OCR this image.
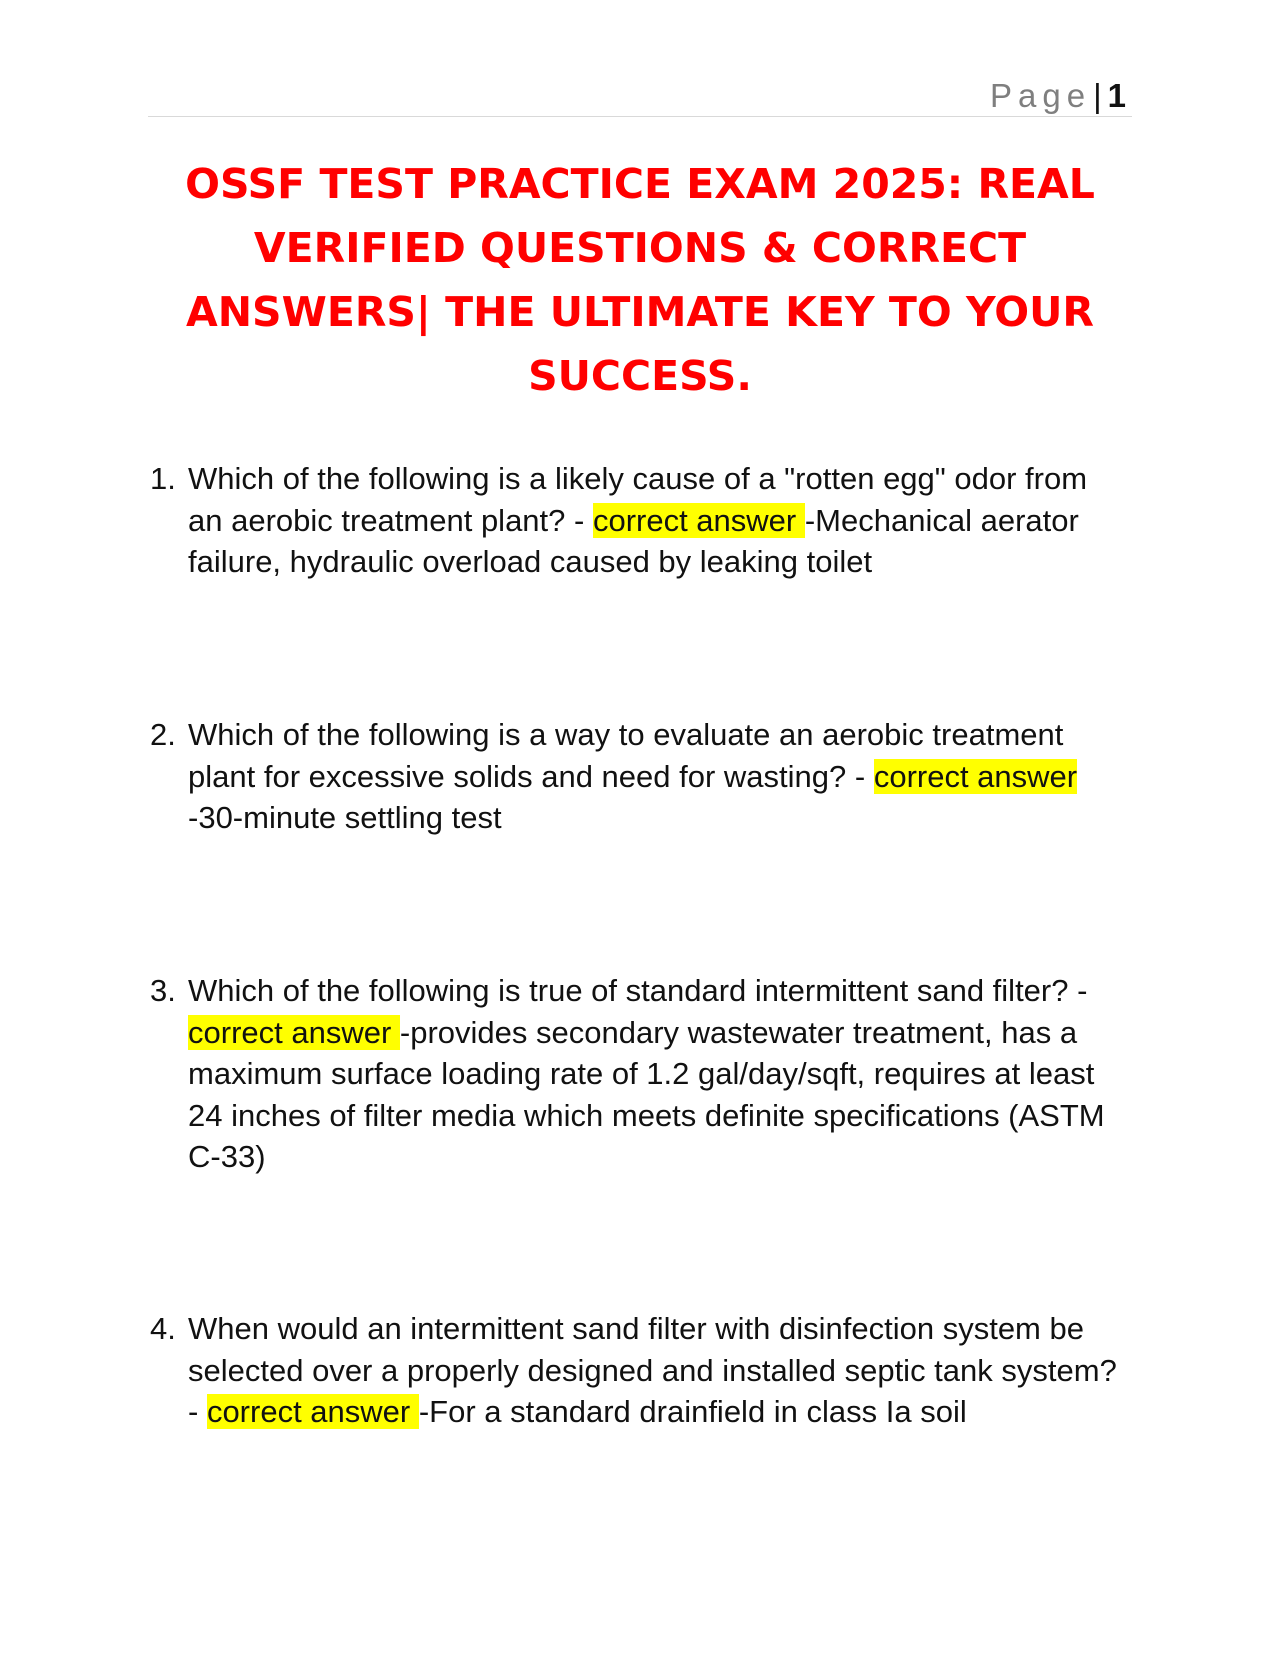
Page| 1
OSSF TEST PRACTICE EXAM 2025: REAL VERIFIED QUESTIONS & CORRECT ANSWERS| THE ULTIMATE KEY TO YOUR SUCCESS.
1. Which of the following is a likely cause of a "rotten egg" odor from an aerobic treatment plant? - correct answer -Mechanical aerator failure, hydraulic overload caused by leaking toilet
2. Which of the following is a way to evaluate an aerobic treatment plant for excessive solids and need for wasting? - correct answer -30-minute settling test
3. Which of the following is true of standard intermittent sand filter? - correct answer -provides secondary wastewater treatment, has a maximum surface loading rate of 1.2 gal/day/sqft, requires at least 24 inches of filter media which meets definite specifications (ASTM C-33)
4. When would an intermittent sand filter with disinfection system be selected over a properly designed and installed septic tank system? - correct answer -For a standard drainfield in class Ia soil
